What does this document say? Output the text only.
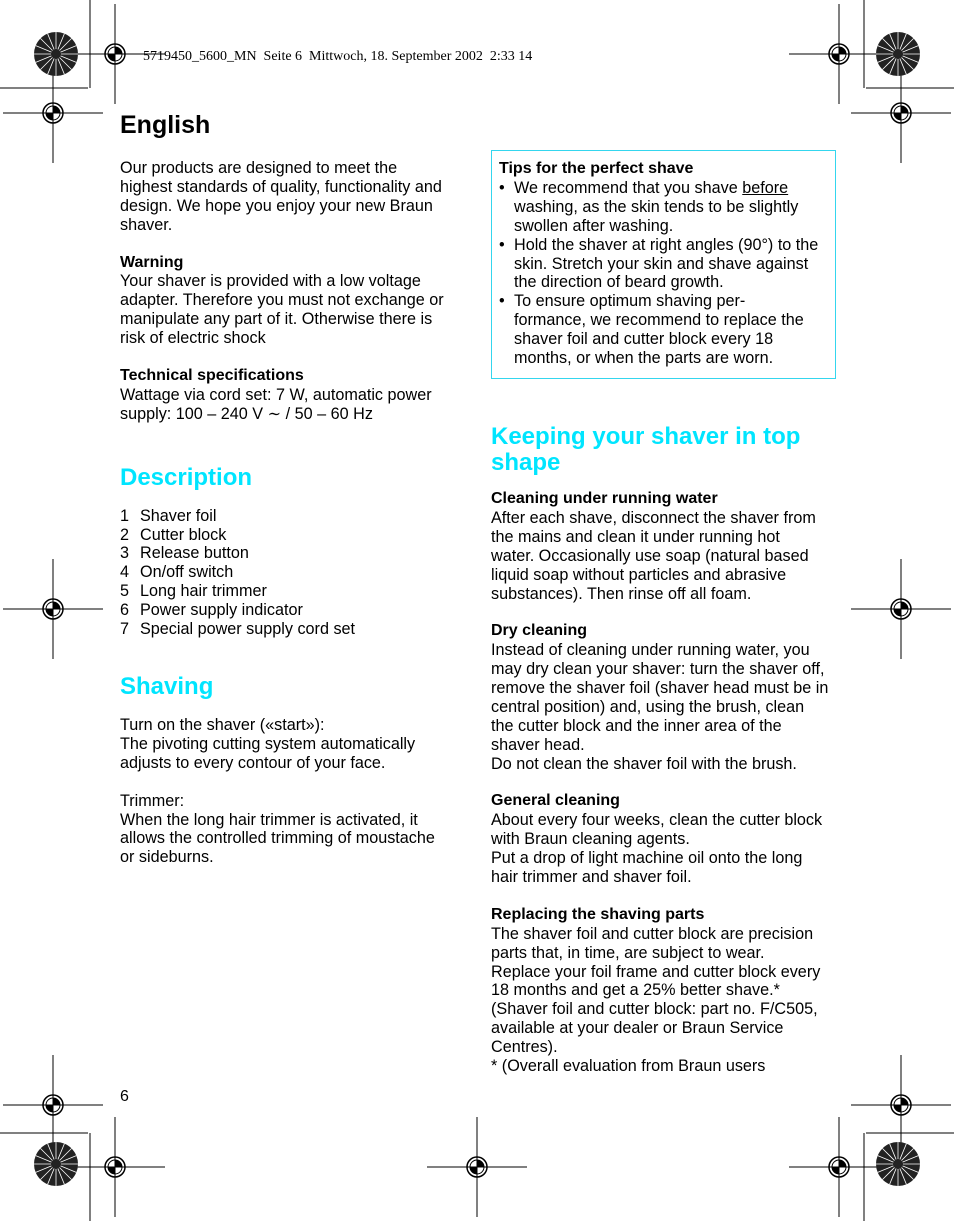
5719450_5600_MN  Seite 6  Mittwoch, 18. September 2002  2:33 14
English
Our products are designed to meet the
highest standards of quality, functionality and
design. We hope you enjoy your new Braun
shaver.
Warning
Your shaver is provided with a low voltage
adapter. Therefore you must not exchange or
manipulate any part of it. Otherwise there is
risk of electric shock
Technical specifications
Wattage via cord set: 7 W, automatic power
supply: 100 – 240 V ∼ / 50 – 60 Hz
Description
1 Shaver foil
2 Cutter block
3 Release button
4 On/off switch
5 Long hair trimmer
6 Power supply indicator
7 Special power supply cord set
Shaving
Turn on the shaver («start»):
The pivoting cutting system automatically
adjusts to every contour of your face.
Trimmer:
When the long hair trimmer is activated, it
allows the controlled trimming of moustache
or sideburns.
Tips for the perfect shave
• We recommend that you shave before
washing, as the skin tends to be slightly
swollen after washing.
• Hold the shaver at right angles (90°) to the
skin. Stretch your skin and shave against
the direction of beard growth.
• To ensure optimum shaving per-
formance, we recommend to replace the
shaver foil and cutter block every 18
months, or when the parts are worn.
Keeping your shaver in top
shape
Cleaning under running water
After each shave, disconnect the shaver from
the mains and clean it under running hot
water. Occasionally use soap (natural based
liquid soap without particles and abrasive
substances). Then rinse off all foam.
Dry cleaning
Instead of cleaning under running water, you
may dry clean your shaver: turn the shaver off,
remove the shaver foil (shaver head must be in
central position) and, using the brush, clean
the cutter block and the inner area of the
shaver head.
Do not clean the shaver foil with the brush.
General cleaning
About every four weeks, clean the cutter block
with Braun cleaning agents.
Put a drop of light machine oil onto the long
hair trimmer and shaver foil.
Replacing the shaving parts
The shaver foil and cutter block are precision
parts that, in time, are subject to wear.
Replace your foil frame and cutter block every
18 months and get a 25% better shave.*
(Shaver foil and cutter block: part no. F/C505,
available at your dealer or Braun Service
Centres).
* (Overall evaluation from Braun users
6
